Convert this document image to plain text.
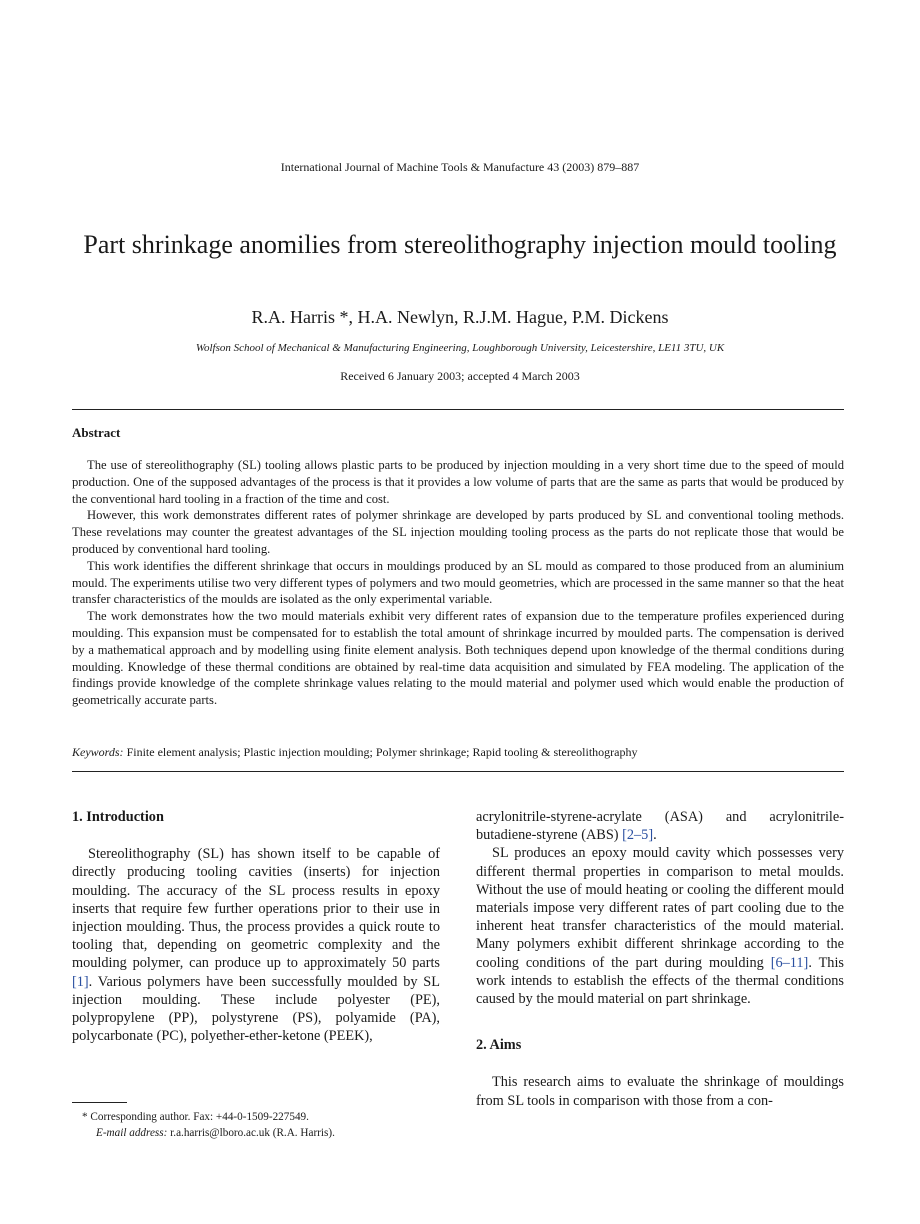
International Journal of Machine Tools & Manufacture 43 (2003) 879–887
Part shrinkage anomilies from stereolithography injection mould tooling
R.A. Harris *, H.A. Newlyn, R.J.M. Hague, P.M. Dickens
Wolfson School of Mechanical & Manufacturing Engineering, Loughborough University, Leicestershire, LE11 3TU, UK
Received 6 January 2003; accepted 4 March 2003
Abstract

The use of stereolithography (SL) tooling allows plastic parts to be produced by injection moulding in a very short time due to the speed of mould production. One of the supposed advantages of the process is that it provides a low volume of parts that are the same as parts that would be produced by the conventional hard tooling in a fraction of the time and cost.

However, this work demonstrates different rates of polymer shrinkage are developed by parts produced by SL and conventional tooling methods. These revelations may counter the greatest advantages of the SL injection moulding tooling process as the parts do not replicate those that would be produced by conventional hard tooling.

This work identifies the different shrinkage that occurs in mouldings produced by an SL mould as compared to those produced from an aluminium mould. The experiments utilise two very different types of polymers and two mould geometries, which are processed in the same manner so that the heat transfer characteristics of the moulds are isolated as the only experimental variable.

The work demonstrates how the two mould materials exhibit very different rates of expansion due to the temperature profiles experienced during moulding. This expansion must be compensated for to establish the total amount of shrinkage incurred by moulded parts. The compensation is derived by a mathematical approach and by modelling using finite element analysis. Both techniques depend upon knowledge of the thermal conditions during moulding. Knowledge of these thermal conditions are obtained by real-time data acquisition and simulated by FEA modeling. The application of the findings provide knowledge of the complete shrinkage values relating to the mould material and polymer used which would enable the production of geometrically accurate parts.

Keywords: Finite element analysis; Plastic injection moulding; Polymer shrinkage; Rapid tooling & stereolithography

1. Introduction

Stereolithography (SL) has shown itself to be capable of directly producing tooling cavities (inserts) for injection moulding. The accuracy of the SL process results in epoxy inserts that require few further operations prior to their use in injection moulding. Thus, the process provides a quick route to tooling that, depending on geometric complexity and the moulding polymer, can produce up to approximately 50 parts [1]. Various polymers have been successfully moulded by SL injection moulding. These include polyester (PE), polypropylene (PP), polystyrene (PS), polyamide (PA), polycarbonate (PC), polyether-ether-ketone (PEEK),

* Corresponding author. Fax: +44-0-1509-227549.
E-mail address: r.a.harris@lboro.ac.uk (R.A. Harris).

acrylonitrile-styrene-acrylate (ASA) and acrylonitrile-butadiene-styrene (ABS) [2–5].

SL produces an epoxy mould cavity which possesses very different thermal properties in comparison to metal moulds. Without the use of mould heating or cooling the different mould materials impose very different rates of part cooling due to the inherent heat transfer characteristics of the mould material. Many polymers exhibit different shrinkage according to the cooling conditions of the part during moulding [6–11]. This work intends to establish the effects of the thermal conditions caused by the mould material on part shrinkage.

2. Aims

This research aims to evaluate the shrinkage of mouldings from SL tools in comparison with those from a con-
